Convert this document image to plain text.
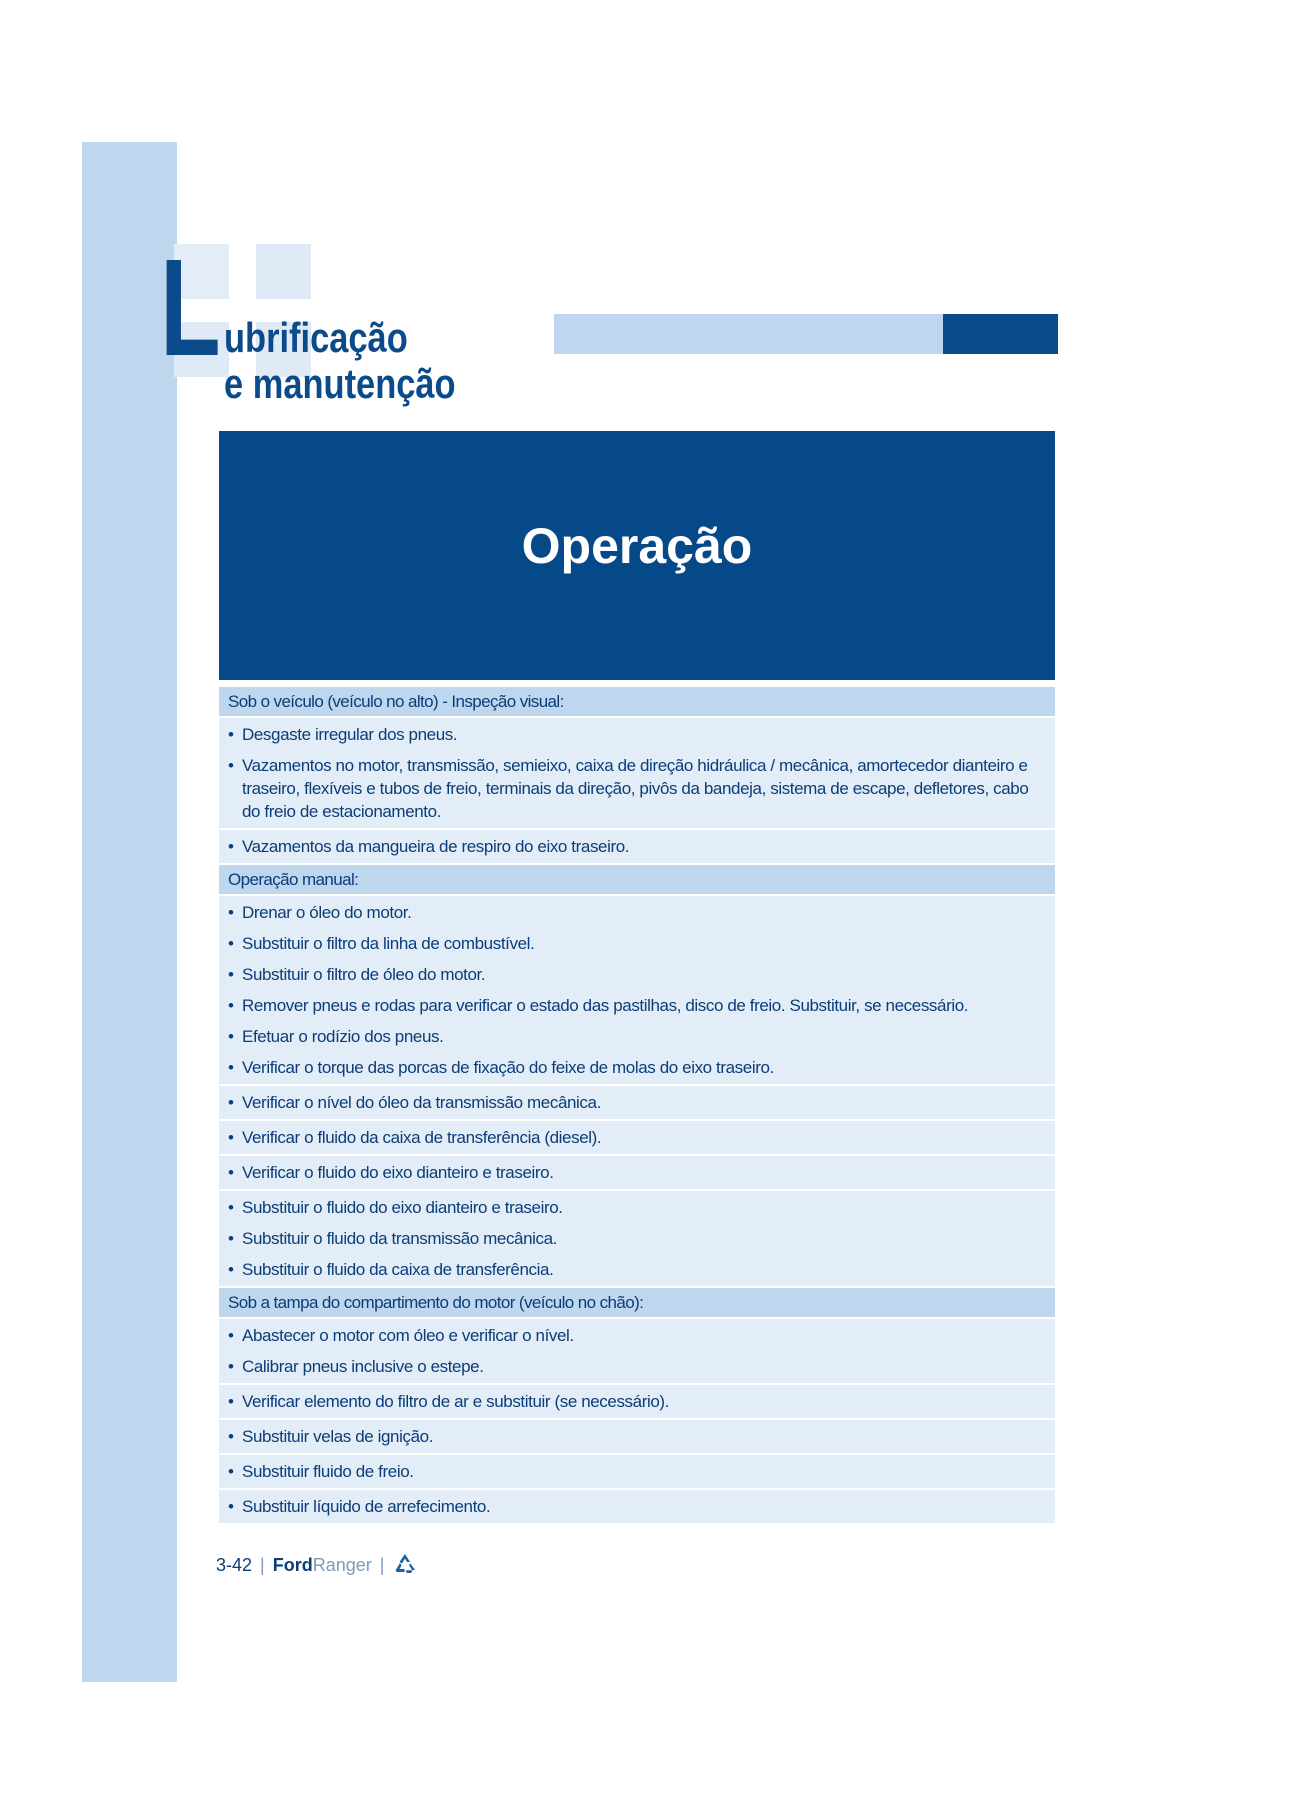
L ubrificação
e manutenção
Operação
Sob o veículo (veículo no alto) - Inspeção visual:
• Desgaste irregular dos pneus.
• Vazamentos no motor, transmissão, semieixo, caixa de direção hidráulica / mecânica, amortecedor dianteiro e traseiro, flexíveis e tubos de freio, terminais da direção, pivôs da bandeja, sistema de escape, defletores, cabo do freio de estacionamento.
• Vazamentos da mangueira de respiro do eixo traseiro.
Operação manual:
• Drenar o óleo do motor.
• Substituir o filtro da linha de combustível.
• Substituir o filtro de óleo do motor.
• Remover pneus e rodas para verificar o estado das pastilhas, disco de freio. Substituir, se necessário.
• Efetuar o rodízio dos pneus.
• Verificar o torque das porcas de fixação do feixe de molas do eixo traseiro.
• Verificar o nível do óleo da transmissão mecânica.
• Verificar o fluido da caixa de transferência (diesel).
• Verificar o fluido do eixo dianteiro e traseiro.
• Substituir o fluido do eixo dianteiro e traseiro.
• Substituir o fluido da transmissão mecânica.
• Substituir o fluido da caixa de transferência.
Sob a tampa do compartimento do motor (veículo no chão):
• Abastecer o motor com óleo e verificar o nível.
• Calibrar pneus inclusive o estepe.
• Verificar elemento do filtro de ar e substituir (se necessário).
• Substituir velas de ignição.
• Substituir fluido de freio.
• Substituir líquido de arrefecimento.
3-42 | Ford Ranger |
